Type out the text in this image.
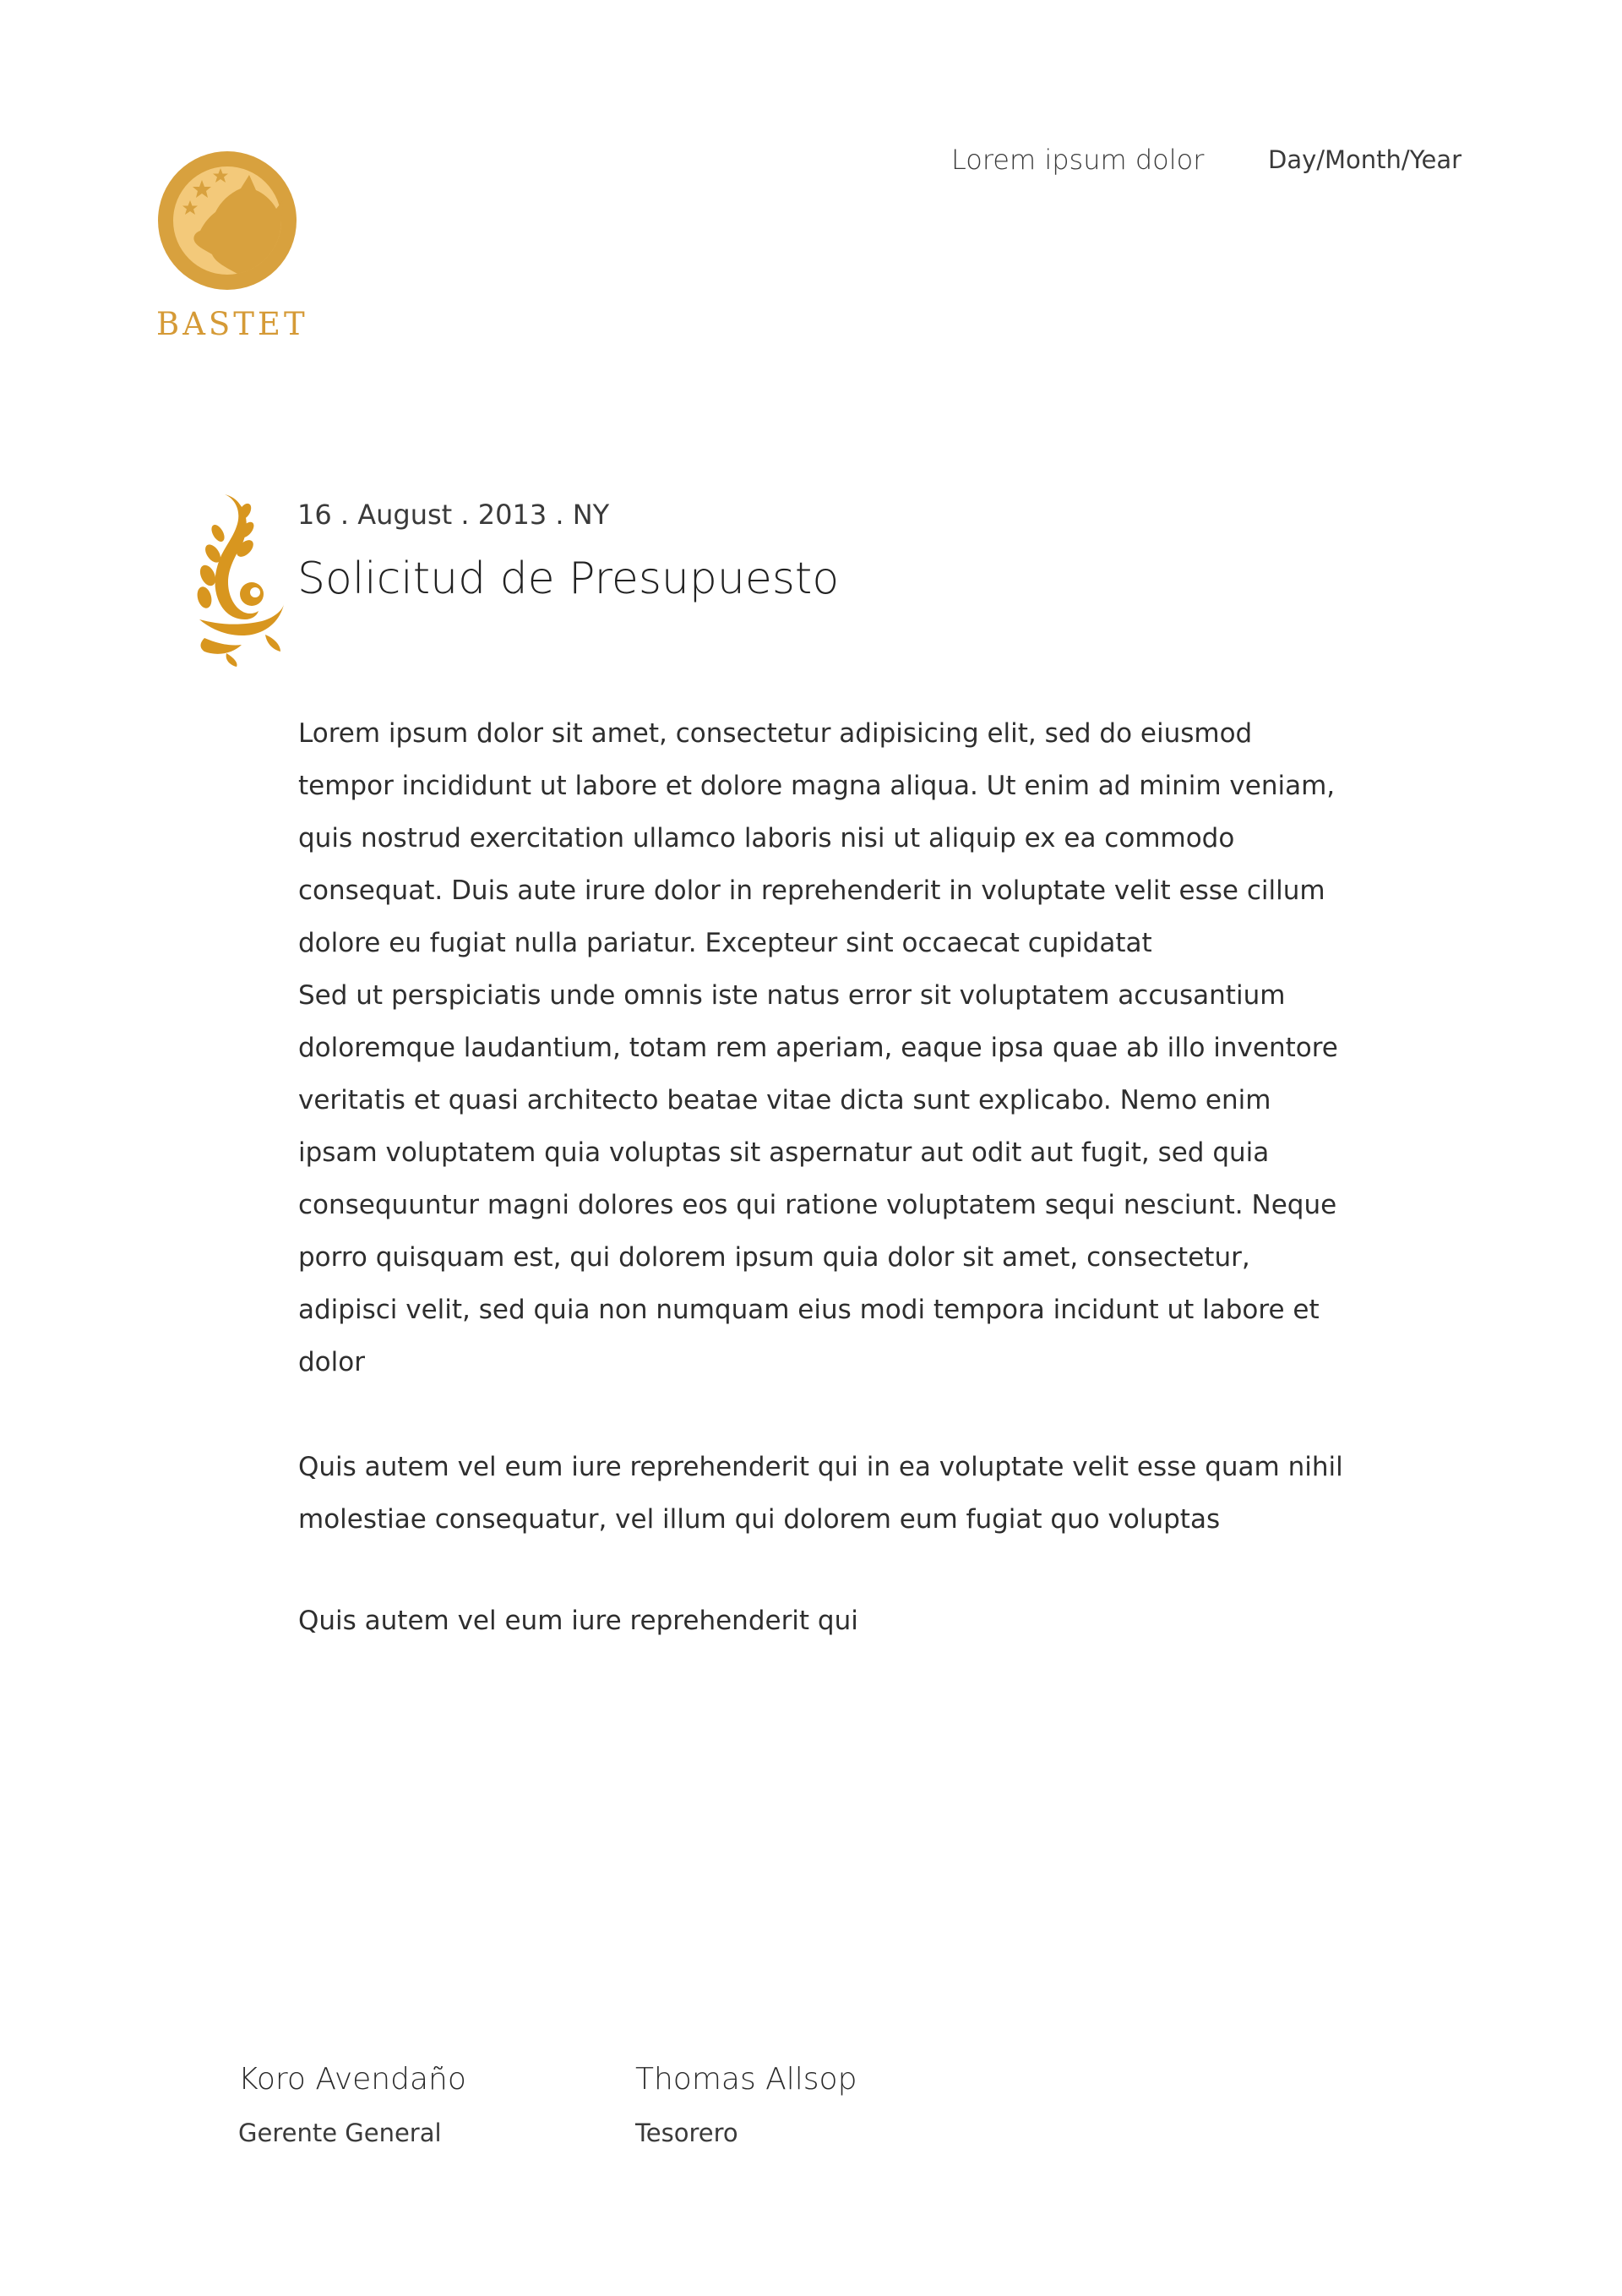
BASTET
Lorem ipsum dolor	Day/Month/Year
16 . August . 2013 . NY
Solicitud de Presupuesto

Lorem ipsum dolor sit amet, consectetur adipisicing elit, sed do eiusmod tempor incididunt ut labore et dolore magna aliqua. Ut enim ad minim veniam, quis nostrud exercitation ullamco laboris nisi ut aliquip ex ea commodo consequat. Duis aute irure dolor in reprehenderit in voluptate velit esse cillum dolore eu fugiat nulla pariatur. Excepteur sint occaecat cupidatat

Sed ut perspiciatis unde omnis iste natus error sit voluptatem accusantium doloremque laudantium, totam rem aperiam, eaque ipsa quae ab illo inventore veritatis et quasi architecto beatae vitae dicta sunt explicabo. Nemo enim ipsam voluptatem quia voluptas sit aspernatur aut odit aut fugit, sed quia consequuntur magni dolores eos qui ratione voluptatem sequi nesciunt. Neque porro quisquam est, qui dolorem ipsum quia dolor sit amet, consectetur, adipisci velit, sed quia non numquam eius modi tempora incidunt ut labore et dolor

Quis autem vel eum iure reprehenderit qui in ea voluptate velit esse quam nihil molestiae consequatur, vel illum qui dolorem eum fugiat quo voluptas

Quis autem vel eum iure reprehenderit qui
Koro Avendaño
Gerente General
Thomas Allsop
Tesorero
